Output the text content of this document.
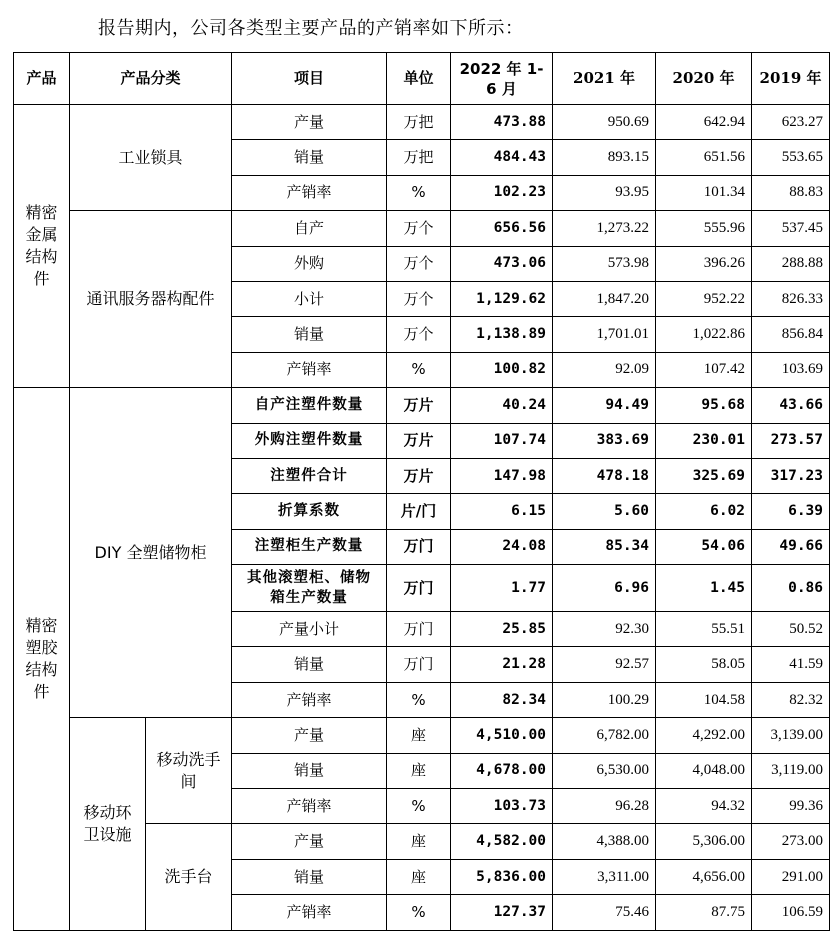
报告期内，公司各类型主要产品的产销率如下所示：
产品	产品分类		项目	单位	2022 年 1-6 月	2021 年	2020 年	2019 年
精密金属结构件	工业锁具		产量	万把	473.88	950.69	642.94	623.27
			销量	万把	484.43	893.15	651.56	553.65
			产销率	%	102.23	93.95	101.34	88.83
	通讯服务器构配件		自产	万个	656.56	1,273.22	555.96	537.45
			外购	万个	473.06	573.98	396.26	288.88
			小计	万个	1,129.62	1,847.20	952.22	826.33
			销量	万个	1,138.89	1,701.01	1,022.86	856.84
			产销率	%	100.82	92.09	107.42	103.69
精密塑胶结构件	DIY 全塑储物柜		自产注塑件数量	万片	40.24	94.49	95.68	43.66
			外购注塑件数量	万片	107.74	383.69	230.01	273.57
			注塑件合计	万片	147.98	478.18	325.69	317.23
			折算系数	片/门	6.15	5.60	6.02	6.39
			注塑柜生产数量	万门	24.08	85.34	54.06	49.66
			其他滚塑柜、储物箱生产数量	万门	1.77	6.96	1.45	0.86
			产量小计	万门	25.85	92.30	55.51	50.52
			销量	万门	21.28	92.57	58.05	41.59
			产销率	%	82.34	100.29	104.58	82.32
	移动环卫设施	移动洗手间	产量	座	4,510.00	6,782.00	4,292.00	3,139.00
			销量	座	4,678.00	6,530.00	4,048.00	3,119.00
			产销率	%	103.73	96.28	94.32	99.36
		洗手台	产量	座	4,582.00	4,388.00	5,306.00	273.00
			销量	座	5,836.00	3,311.00	4,656.00	291.00
			产销率	%	127.37	75.46	87.75	106.59
